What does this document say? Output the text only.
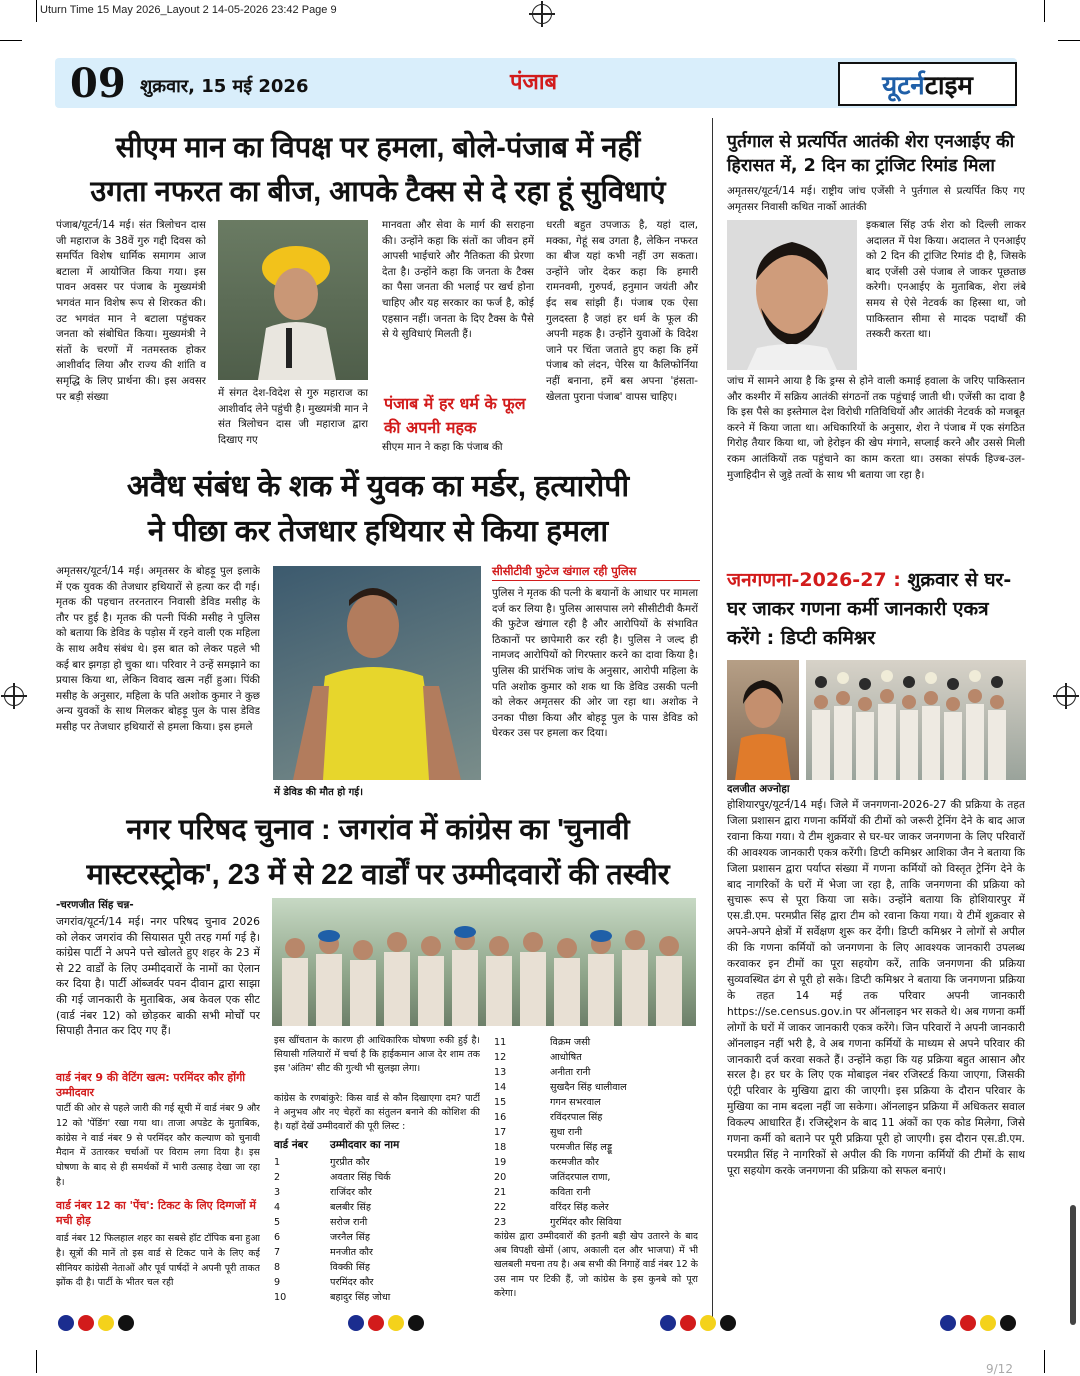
Uturn Time 15 May 2026_Layout 2 14-05-2026 23:42 Page 9
09 शुक्रवार, 15 मई 2026	पंजाब	यूटर्नटाइम
सीएम मान का विपक्ष पर हमला, बोले-पंजाब में नहीं
उगता नफरत का बीज, आपके टैक्स से दे रहा हूं सुविधाएं
पंजाब/यूटर्न/14 मई। संत त्रिलोचन दास जी महाराज के 38वें गुरु गद्दी दिवस को समर्पित विशेष धार्मिक समागम आज बटाला में आयोजित किया गया। इस पावन अवसर पर पंजाब के मुख्यमंत्री भगवंत मान विशेष रूप से शिरकत की। उट भगवंत मान ने बटाला पहुंचकर जनता को संबोधित किया। मुख्यमंत्री ने संतों के चरणों में नतमस्तक होकर आशीर्वाद लिया और राज्य की शांति व समृद्धि के लिए प्रार्थना की। इस अवसर पर बड़ी संख्या	में संगत देश-विदेश से गुरु महाराज का आशीर्वाद लेने पहुंची है। मुख्यमंत्री मान ने संत त्रिलोचन दास जी महाराज द्वारा दिखाए गए
मानवता और सेवा के मार्ग की सराहना की। उन्होंने कहा कि संतों का जीवन हमें आपसी भाईचारे और नैतिकता की प्रेरणा देता है। उन्होंने कहा कि जनता के टैक्स का पैसा जनता की भलाई पर खर्च होना चाहिए और यह सरकार का फर्ज है, कोई एहसान नहीं। जनता के दिए टैक्स के पैसे से ये सुविधाएं मिलती हैं।
पंजाब में हर धर्म के फूल
की अपनी महक
सीएम मान ने कहा कि पंजाब की
धरती बहुत उपजाऊ है, यहां दाल, मक्का, गेहूं सब उगता है, लेकिन नफरत का बीज यहां कभी नहीं उग सकता। उन्होंने जोर देकर कहा कि हमारी रामनवमी, गुरुपर्व, हनुमान जयंती और ईद सब सांझी हैं। पंजाब एक ऐसा गुलदस्ता है जहां हर धर्म के फूल की अपनी महक है। उन्होंने युवाओं के विदेश जाने पर चिंता जताते हुए कहा कि हमें पंजाब को लंदन, पेरिस या कैलिफोर्निया नहीं बनाना, हमें बस अपना 'हंसता-खेलता पुराना पंजाब' वापस चाहिए।
अवैध संबंध के शक में युवक का मर्डर, हत्यारोपी
ने पीछा कर तेजधार हथियार से किया हमला
अमृतसर/यूटर्न/14 मई। अमृतसर के बोहड़ू पुल इलाके में एक युवक की तेजधार हथियारों से हत्या कर दी गई। मृतक की पहचान तरनतारन निवासी डेविड मसीह के तौर पर हुई है। मृतक की पत्नी पिंकी मसीह ने पुलिस को बताया कि डेविड के पड़ोस में रहने वाली एक महिला के साथ अवैध संबंध थे। इस बात को लेकर पहले भी कई बार झगड़ा हो चुका था। परिवार ने उन्हें समझाने का प्रयास किया था, लेकिन विवाद खत्म नहीं हुआ। पिंकी मसीह के अनुसार, महिला के पति अशोक कुमार ने कुछ अन्य युवकों के साथ मिलकर बोहड़ू पुल के पास डेविड मसीह पर तेजधार हथियारों से हमला किया। इस हमले
में डेविड की मौत हो गई।
सीसीटीवी फुटेज खंगाल रही पुलिस
पुलिस ने मृतक की पत्नी के बयानों के आधार पर मामला दर्ज कर लिया है। पुलिस आसपास लगे सीसीटीवी कैमरों की फुटेज खंगाल रही है और आरोपियों के संभावित ठिकानों पर छापेमारी कर रही है। पुलिस ने जल्द ही नामजद आरोपियों को गिरफ्तार करने का दावा किया है। पुलिस की प्रारंभिक जांच के अनुसार, आरोपी महिला के पति अशोक कुमार को शक था कि डेविड उसकी पत्नी को लेकर अमृतसर की ओर जा रहा था। अशोक ने उनका पीछा किया और बोहड़ू पुल के पास डेविड को घेरकर उस पर हमला कर दिया।
नगर परिषद चुनाव : जगरांव में कांग्रेस का 'चुनावी
मास्टरस्ट्रोक', 23 में से 22 वार्डों पर उम्मीदवारों की तस्वीर
-चरणजीत सिंह चन्न-
जगरांव/यूटर्न/14 मई। नगर परिषद चुनाव 2026 को लेकर जगरांव की सियासत पूरी तरह गर्मा गई है। कांग्रेस पार्टी ने अपने पत्ते खोलते हुए शहर के 23 में से 22 वार्डों के लिए उम्मीदवारों के नामों का ऐलान कर दिया है। पार्टी ऑब्जर्वर पवन दीवान द्वारा साझा की गई जानकारी के मुताबिक, अब केवल एक सीट (वार्ड नंबर 12) को छोड़कर बाकी सभी मोर्चों पर सिपाही तैनात कर दिए गए हैं।
वार्ड नंबर 9 की वेटिंग खत्म: परमिंदर कौर होंगी उम्मीदवार
पार्टी की ओर से पहले जारी की गई सूची में वार्ड नंबर 9 और 12 को 'पेंडिंग' रखा गया था। ताजा अपडेट के मुताबिक, कांग्रेस ने वार्ड नंबर 9 से परमिंदर कौर कल्याण को चुनावी मैदान में उतारकर चर्चाओं पर विराम लगा दिया है। इस घोषणा के बाद से ही समर्थकों में भारी उत्साह देखा जा रहा है।
वार्ड नंबर 12 का 'पेंच': टिकट के लिए दिग्गजों में मची होड़
वार्ड नंबर 12 फिलहाल शहर का सबसे हॉट टॉपिक बना हुआ है। सूत्रों की मानें तो इस वार्ड से टिकट पाने के लिए कई सीनियर कांग्रेसी नेताओं और पूर्व पार्षदों ने अपनी पूरी ताकत झोंक दी है। पार्टी के भीतर चल रही
इस खींचतान के कारण ही आधिकारिक घोषणा रुकी हुई है। सियासी गलियारों में चर्चा है कि हाईकमान आज देर शाम तक इस 'अंतिम' सीट की गुत्थी भी सुलझा लेगा।
कांग्रेस के रणबांकुरे: किस वार्ड से कौन दिखाएगा दम? पार्टी ने अनुभव और नए चेहरों का संतुलन बनाने की कोशिश की है। यहाँ देखें उम्मीदवारों की पूरी लिस्ट :
वार्ड नंबर	उम्मीदवार का नाम
1	गुरप्रीत कौर
2	अवतार सिंह चिर्क
3	राजिंदर कौर
4	बलबीर सिंह
5	सरोज रानी
6	जरनैल सिंह
7	मनजीत कौर
8	विक्की सिंह
9	परमिंदर कौर
10	बहादुर सिंह जोधा
11	विक्रम जसी
12	आधोषित
13	अनीता रानी
14	सुखदैन सिंह धालीवाल
15	गगन सभरवाल
16	रविंदरपाल सिंह
17	सुधा रानी
18	परमजीत सिंह लड्डू
19	करमजीत कौर
20	जतिंदरपाल राणा,
21	कविता रानी
22	वरिंदर सिंह कलेर
23	गुरमिंदर कौर सिविया
कांग्रेस द्वारा उम्मीदवारों की इतनी बड़ी खेप उतारने के बाद अब विपक्षी खेमों (आप, अकाली दल और भाजपा) में भी खलबली मचना तय है। अब सभी की निगाहें वार्ड नंबर 12 के उस नाम पर टिकी हैं, जो कांग्रेस के इस कुनबे को पूरा करेगा।
पुर्तगाल से प्रत्यर्पित आतंकी शेरा एनआईए की हिरासत में, 2 दिन का ट्रांजिट रिमांड मिला
अमृतसर/यूटर्न/14 मई। राष्ट्रीय जांच एजेंसी ने पुर्तगाल से प्रत्यर्पित किए गए अमृतसर निवासी कथित नार्को आतंकी
इकबाल सिंह उर्फ शेरा को दिल्ली लाकर अदालत में पेश किया। अदालत ने एनआईए को 2 दिन की ट्रांजिट रिमांड दी है, जिसके बाद एजेंसी उसे पंजाब ले जाकर पूछताछ करेगी। एनआईए के मुताबिक, शेरा लंबे समय से ऐसे नेटवर्क का हिस्सा था, जो पाकिस्तान सीमा से मादक पदार्थों की तस्करी करता था।
जांच में सामने आया है कि ड्रग्स से होने वाली कमाई हवाला के जरिए पाकिस्तान और कश्मीर में सक्रिय आतंकी संगठनों तक पहुंचाई जाती थी। एजेंसी का दावा है कि इस पैसे का इस्तेमाल देश विरोधी गतिविधियों और आतंकी नेटवर्क को मजबूत करने में किया जाता था। अधिकारियों के अनुसार, शेरा ने पंजाब में एक संगठित गिरोह तैयार किया था, जो हेरोइन की खेप मंगाने, सप्लाई करने और उससे मिली रकम आतंकियों तक पहुंचाने का काम करता था। उसका संपर्क हिज्ब-उल-मुजाहिदीन से जुड़े तत्वों के साथ भी बताया जा रहा है।
जनगणना-2026-27 : शुक्रवार से घर-घर जाकर गणना कर्मी जानकारी एकत्र करेंगे : डिप्टी कमिश्नर
दलजीत अज्नोहा
होशियारपुर/यूटर्न/14 मई। जिले में जनगणना-2026-27 की प्रक्रिया के तहत जिला प्रशासन द्वारा गणना कर्मियों की टीमों को जरूरी ट्रेनिंग देने के बाद आज रवाना किया गया। ये टीम शुक्रवार से घर-घर जाकर जनगणना के लिए परिवारों की आवश्यक जानकारी एकत्र करेंगी। डिप्टी कमिश्नर आशिका जैन ने बताया कि जिला प्रशासन द्वारा पर्याप्त संख्या में गणना कर्मियों को विस्तृत ट्रेनिंग देने के बाद नागरिकों के घरों में भेजा जा रहा है, ताकि जनगणना की प्रक्रिया को सुचारू रूप से पूरा किया जा सके। उन्होंने बताया कि होशियारपुर में एस.डी.एम. परमप्रीत सिंह द्वारा टीम को रवाना किया गया। ये टीमें शुक्रवार से अपने-अपने क्षेत्रों में सर्वेक्षण शुरू कर देंगी। डिप्टी कमिश्नर ने लोगों से अपील की कि गणना कर्मियों को जनगणना के लिए आवश्यक जानकारी उपलब्ध करवाकर इन टीमों का पूरा सहयोग करें, ताकि जनगणना की प्रक्रिया सुव्यवस्थित ढंग से पूरी हो सके। डिप्टी कमिश्नर ने बताया कि जनगणना प्रक्रिया के तहत 14 मई तक परिवार अपनी जानकारी https://se.census.gov.in पर ऑनलाइन भर सकते थे। अब गणना कर्मी लोगों के घरों में जाकर जानकारी एकत्र करेंगे। जिन परिवारों ने अपनी जानकारी ऑनलाइन नहीं भरी है, वे अब गणना कर्मियों के माध्यम से अपने परिवार की जानकारी दर्ज करवा सकते हैं। उन्होंने कहा कि यह प्रक्रिया बहुत आसान और सरल है। हर घर के लिए एक मोबाइल नंबर रजिस्टर्ड किया जाएगा, जिसकी एंट्री परिवार के मुखिया द्वारा की जाएगी। इस प्रक्रिया के दौरान परिवार के मुखिया का नाम बदला नहीं जा सकेगा। ऑनलाइन प्रक्रिया में अधिकतर सवाल विकल्प आधारित हैं। रजिस्ट्रेशन के बाद 11 अंकों का एक कोड मिलेगा, जिसे गणना कर्मी को बताने पर पूरी प्रक्रिया पूरी हो जाएगी। इस दौरान एस.डी.एम. परमप्रीत सिंह ने नागरिकों से अपील की कि गणना कर्मियों की टीमों के साथ पूरा सहयोग करके जनगणना की प्रक्रिया को सफल बनाएं।
9/12
